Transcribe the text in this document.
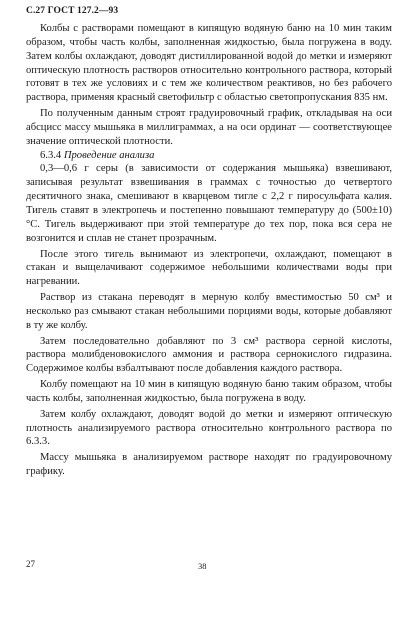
С.27 ГОСТ 127.2—93

Колбы с растворами помещают в кипящую водяную баню на 10 мин таким образом, чтобы часть колбы, заполненная жидкостью, была погружена в воду. Затем колбы охлаждают, доводят дистиллированной водой до метки и измеряют оптическую плотность растворов относительно контрольного раствора, который готовят в тех же условиях и с тем же количеством реактивов, но без рабочего раствора, применяя красный светофильтр с областью светопропускания 835 нм.

По полученным данным строят градуировочный график, откладывая на оси абсцисс массу мышьяка в миллиграммах, а на оси ординат — соответствующее значение оптической плотности.

6.3.4 Проведение анализа

0,3—0,6 г серы (в зависимости от содержания мышьяка) взвешивают, записывая результат взвешивания в граммах с точностью до четвертого десятичного знака, смешивают в кварцевом тигле с 2,2 г пиросульфата калия. Тигель ставят в электропечь и постепенно повышают температуру до (500±10) °С. Тигель выдерживают при этой температуре до тех пор, пока вся сера не возгонится и сплав не станет прозрачным.

После этого тигель вынимают из электропечи, охлаждают, помещают в стакан и выщелачивают содержимое небольшими количествами воды при нагревании.

Раствор из стакана переводят в мерную колбу вместимостью 50 см³ и несколько раз смывают стакан небольшими порциями воды, которые добавляют в ту же колбу.

Затем последовательно добавляют по 3 см³ раствора серной кислоты, раствора молибденовокислого аммония и раствора сернокислого гидразина. Содержимое колбы взбалтывают после добавления каждого раствора.

Колбу помещают на 10 мин в кипящую водяную баню таким образом, чтобы часть колбы, заполненная жидкостью, была погружена в воду.

Затем колбу охлаждают, доводят водой до метки и измеряют оптическую плотность анализируемого раствора относительно контрольного раствора по 6.3.3.

Массу мышьяка в анализируемом растворе находят по градуировочному графику.

27	38
